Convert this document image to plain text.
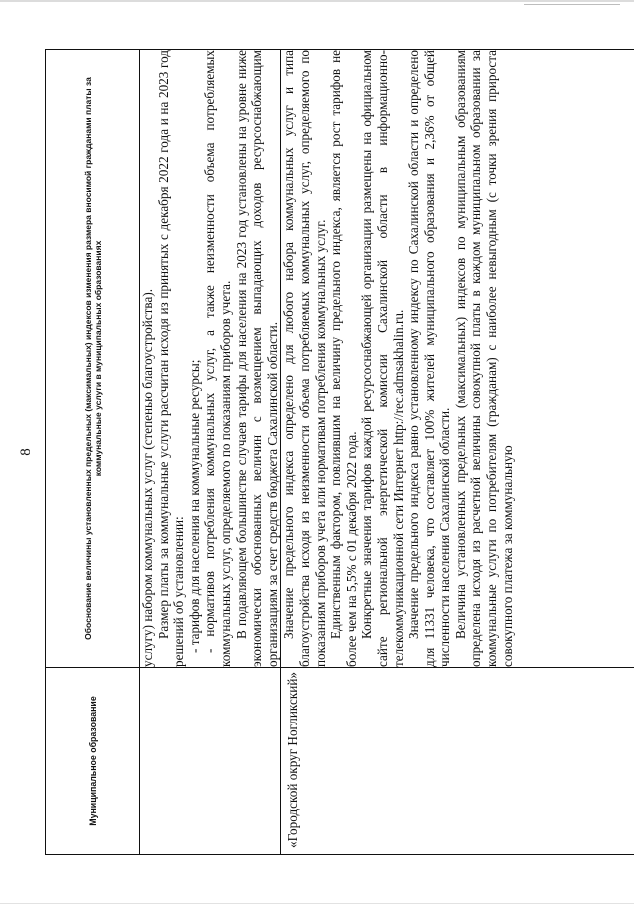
8
Муниципальное образование	Обоснование величины установленных предельных (максимальных) индексов изменения размера вносимой гражданами платы за коммунальные услуги в муниципальных образованиях

	услугу) набором коммунальных услуг (степенью благоустройства). Размер платы за коммунальные услуги рассчитан исходя из принятых с декабря 2022 года и на 2023 год решений об установлении: - тарифов для населения на коммунальные ресурсы; - нормативов потребления коммунальных услуг, а также неизменности объема потребляемых коммунальных услуг, определяемого по показаниям приборов учета. В подавляющем большинстве случаев тарифы для населения на 2023 год установлены на уровне ниже экономически обоснованных величин с возмещением выпадающих доходов ресурсоснабжающим организациям за счет средств бюджета Сахалинской области.

«Городской округ Ногликский»	Значение предельного индекса определено для любого набора коммунальных услуг и типа благоустройства исходя из неизменности объема потребляемых коммунальных услуг, определяемого по показаниям приборов учета или нормативам потребления коммунальных услуг. Единственным фактором, повлиявшим на величину предельного индекса, является рост тарифов не более чем на 5,5% с 01 декабря 2022 года. Конкретные значения тарифов каждой ресурсоснабжающей организации размещены на официальном сайте региональной энергетической комиссии Сахалинской области в информационно-телекоммуникационной сети Интернет http://rec.admsakhalin.ru. Значение предельного индекса равно установленному индексу по Сахалинской области и определено для 11331 человека, что составляет 100% жителей муниципального образования и 2,36% от общей численности населения Сахалинской области. Величина установленных предельных (максимальных) индексов по муниципальным образованиям определена исходя из расчетной величины совокупной платы в каждом муниципальном образовании за коммунальные услуги по потребителям (гражданам) с наиболее невыгодным (с точки зрения прироста совокупного платежа за коммунальную
